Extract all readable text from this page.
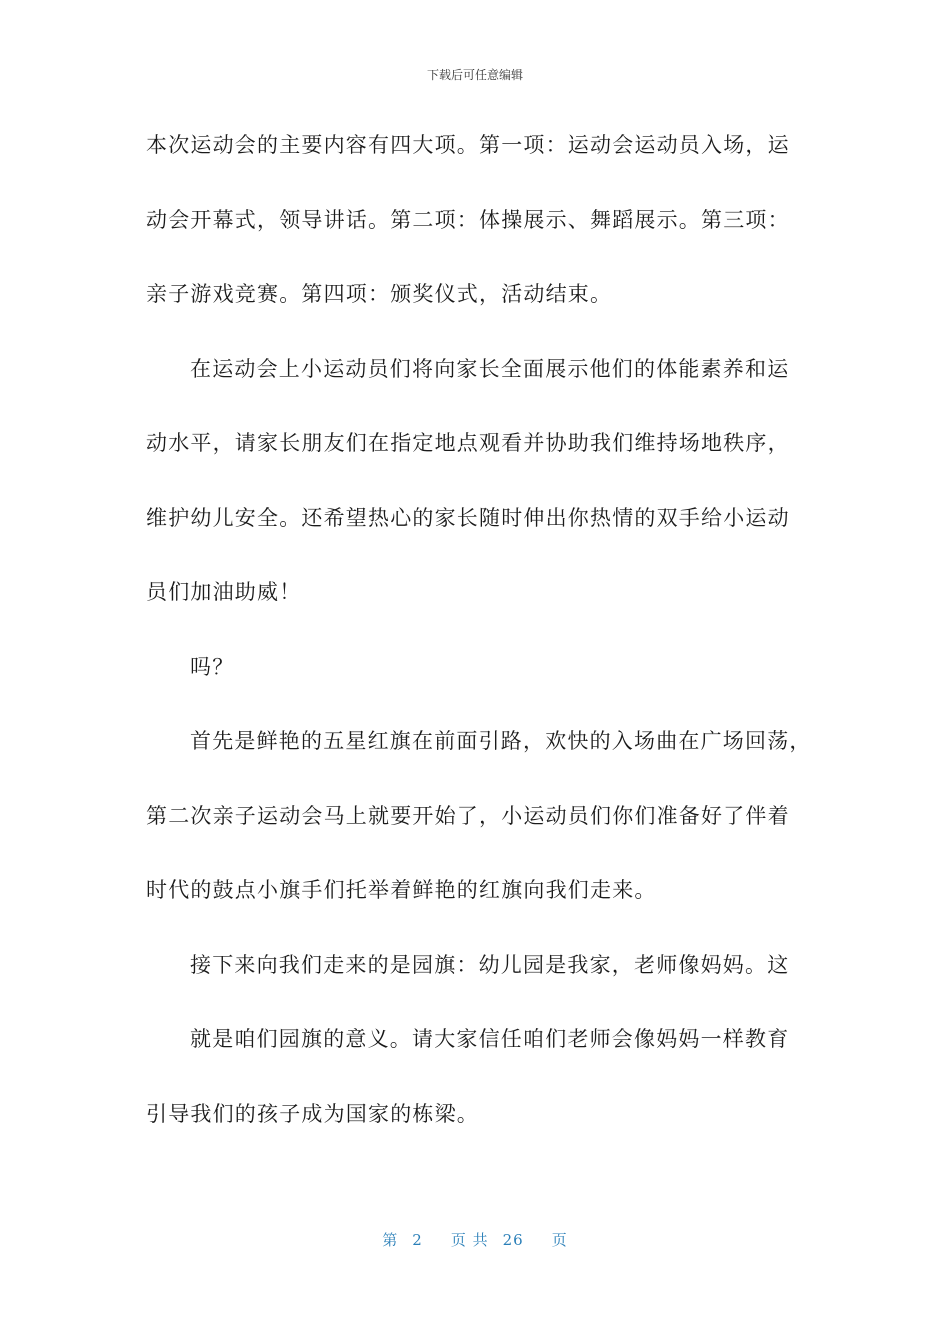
下载后可任意编辑
本次运动会的主要内容有四大项。第一项：运动会运动员入场，运
动会开幕式，领导讲话。第二项：体操展示、舞蹈展示。第三项：
亲子游戏竞赛。第四项：颁奖仪式，活动结束。
在运动会上小运动员们将向家长全面展示他们的体能素养和运
动水平，请家长朋友们在指定地点观看并协助我们维持场地秩序，
维护幼儿安全。还希望热心的家长随时伸出你热情的双手给小运动
员们加油助威！
吗？
首先是鲜艳的五星红旗在前面引路，欢快的入场曲在广场回荡，
第二次亲子运动会马上就要开始了，小运动员们你们准备好了伴着
时代的鼓点小旗手们托举着鲜艳的红旗向我们走来。
接下来向我们走来的是园旗：幼儿园是我家，老师像妈妈。这
就是咱们园旗的意义。请大家信任咱们老师会像妈妈一样教育
引导我们的孩子成为国家的栋梁。
第 2 页 共 26 页
